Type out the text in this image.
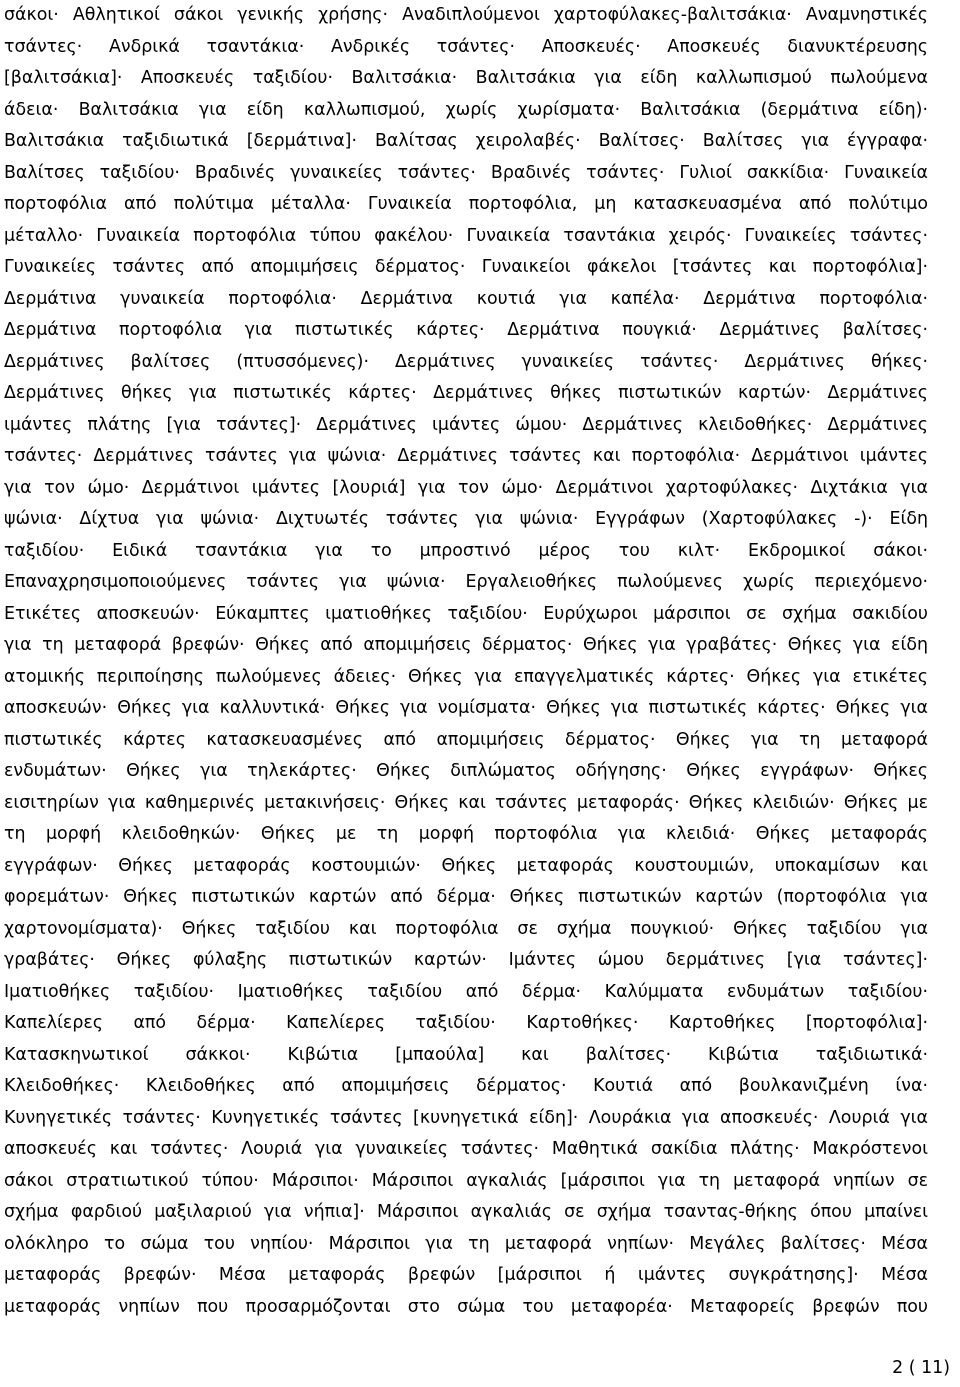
σάκοι· Αθλητικοί σάκοι γενικής χρήσης· Αναδιπλούμενοι χαρτοφύλακες-βαλιτσάκια· Αναμνηστικές
τσάντες· Ανδρικά τσαντάκια· Ανδρικές τσάντες· Αποσκευές· Αποσκευές διανυκτέρευσης
[βαλιτσάκια]· Αποσκευές ταξιδίου· Βαλιτσάκια· Βαλιτσάκια για είδη καλλωπισμού πωλούμενα
άδεια· Βαλιτσάκια για είδη καλλωπισμού, χωρίς χωρίσματα· Βαλιτσάκια (δερμάτινα είδη)·
Βαλιτσάκια ταξιδιωτικά [δερμάτινα]· Βαλίτσας χειρολαβές· Βαλίτσες· Βαλίτσες για έγγραφα·
Βαλίτσες ταξιδίου· Βραδινές γυναικείες τσάντες· Βραδινές τσάντες· Γυλιοί σακκίδια· Γυναικεία
πορτοφόλια από πολύτιμα μέταλλα· Γυναικεία πορτοφόλια, μη κατασκευασμένα από πολύτιμο
μέταλλο· Γυναικεία πορτοφόλια τύπου φακέλου· Γυναικεία τσαντάκια χειρός· Γυναικείες τσάντες·
Γυναικείες τσάντες από απομιμήσεις δέρματος· Γυναικείοι φάκελοι [τσάντες και πορτοφόλια]·
Δερμάτινα γυναικεία πορτοφόλια· Δερμάτινα κουτιά για καπέλα· Δερμάτινα πορτοφόλια·
Δερμάτινα πορτοφόλια για πιστωτικές κάρτες· Δερμάτινα πουγκιά· Δερμάτινες βαλίτσες·
Δερμάτινες βαλίτσες (πτυσσόμενες)· Δερμάτινες γυναικείες τσάντες· Δερμάτινες θήκες·
Δερμάτινες θήκες για πιστωτικές κάρτες· Δερμάτινες θήκες πιστωτικών καρτών· Δερμάτινες
ιμάντες πλάτης [για τσάντες]· Δερμάτινες ιμάντες ώμου· Δερμάτινες κλειδοθήκες· Δερμάτινες
τσάντες· Δερμάτινες τσάντες για ψώνια· Δερμάτινες τσάντες και πορτοφόλια· Δερμάτινοι ιμάντες
για τον ώμο· Δερμάτινοι ιμάντες [λουριά] για τον ώμο· Δερμάτινοι χαρτοφύλακες· Διχτάκια για
ψώνια· Δίχτυα για ψώνια· Διχτυωτές τσάντες για ψώνια· Εγγράφων (Χαρτοφύλακες -)· Είδη
ταξιδίου· Ειδικά τσαντάκια για το μπροστινό μέρος του κιλτ· Εκδρομικοί σάκοι·
Επαναχρησιμοποιούμενες τσάντες για ψώνια· Εργαλειοθήκες πωλούμενες χωρίς περιεχόμενο·
Ετικέτες αποσκευών· Εύκαμπτες ιματιοθήκες ταξιδίου· Ευρύχωροι μάρσιποι σε σχήμα σακιδίου
για τη μεταφορά βρεφών· Θήκες από απομιμήσεις δέρματος· Θήκες για γραβάτες· Θήκες για είδη
ατομικής περιποίησης πωλούμενες άδειες· Θήκες για επαγγελματικές κάρτες· Θήκες για ετικέτες
αποσκευών· Θήκες για καλλυντικά· Θήκες για νομίσματα· Θήκες για πιστωτικές κάρτες· Θήκες για
πιστωτικές κάρτες κατασκευασμένες από απομιμήσεις δέρματος· Θήκες για τη μεταφορά
ενδυμάτων· Θήκες για τηλεκάρτες· Θήκες διπλώματος οδήγησης· Θήκες εγγράφων· Θήκες
εισιτηρίων για καθημερινές μετακινήσεις· Θήκες και τσάντες μεταφοράς· Θήκες κλειδιών· Θήκες με
τη μορφή κλειδοθηκών· Θήκες με τη μορφή πορτοφόλια για κλειδιά· Θήκες μεταφοράς
εγγράφων· Θήκες μεταφοράς κοστουμιών· Θήκες μεταφοράς κουστουμιών, υποκαμίσων και
φορεμάτων· Θήκες πιστωτικών καρτών από δέρμα· Θήκες πιστωτικών καρτών (πορτοφόλια για
χαρτονομίσματα)· Θήκες ταξιδίου και πορτοφόλια σε σχήμα πουγκιού· Θήκες ταξιδίου για
γραβάτες· Θήκες φύλαξης πιστωτικών καρτών· Ιμάντες ώμου δερμάτινες [για τσάντες]·
Ιματιοθήκες ταξιδίου· Ιματιοθήκες ταξιδίου από δέρμα· Καλύμματα ενδυμάτων ταξιδίου·
Καπελίερες από δέρμα· Καπελίερες ταξιδίου· Καρτοθήκες· Καρτοθήκες [πορτοφόλια]·
Κατασκηνωτικοί σάκκοι· Κιβώτια [μπαούλα] και βαλίτσες· Κιβώτια ταξιδιωτικά·
Κλειδοθήκες· Κλειδοθήκες από απομιμήσεις δέρματος· Κουτιά από βουλκανιζμένη ίνα·
Κυνηγετικές τσάντες· Κυνηγετικές τσάντες [κυνηγετικά είδη]· Λουράκια για αποσκευές· Λουριά για
αποσκευές και τσάντες· Λουριά για γυναικείες τσάντες· Μαθητικά σακίδια πλάτης· Μακρόστενοι
σάκοι στρατιωτικού τύπου· Μάρσιποι· Μάρσιποι αγκαλιάς [μάρσιποι για τη μεταφορά νηπίων σε
σχήμα φαρδιού μαξιλαριού για νήπια]· Μάρσιποι αγκαλιάς σε σχήμα τσαντας-θήκης όπου μπαίνει
ολόκληρο το σώμα του νηπίου· Μάρσιποι για τη μεταφορά νηπίων· Μεγάλες βαλίτσες· Μέσα
μεταφοράς βρεφών· Μέσα μεταφοράς βρεφών [μάρσιποι ή ιμάντες συγκράτησης]· Μέσα
μεταφοράς νηπίων που προσαρμόζονται στο σώμα του μεταφορέα· Μεταφορείς βρεφών που
2 ( 11)
